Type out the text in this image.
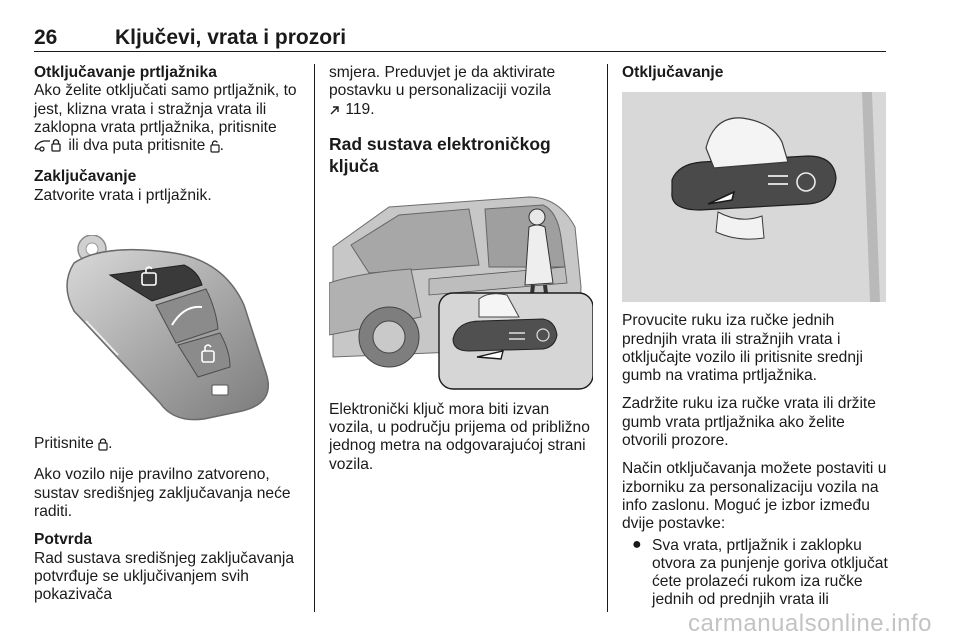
26	Ključevi, vrata i prozori

Otključavanje prtljažnika

Ako želite otključati samo prtljažnik, to jest, klizna vrata i stražnja vrata ili zaklopna vrata prtljažnika, pritisnite  ili dva puta pritisnite .

Zaključavanje

Zatvorite vrata i prtljažnik.

Pritisnite .

Ako vozilo nije pravilno zatvoreno, sustav središnjeg zaključavanja neće raditi.

Potvrda

Rad sustava središnjeg zaključavanja potvrđuje se uključivanjem svih pokazivača

smjera. Preduvjet je da aktivirate postavku u personalizaciji vozila

119.

Rad sustava elektroničkog ključa

Elektronički ključ mora biti izvan vozila, u području prijema od približno jednog metra na odgovarajućoj strani vozila.

Otključavanje

Provucite ruku iza ručke jednih prednjih vrata ili stražnjih vrata i otključajte vozilo ili pritisnite srednji gumb na vratima prtljažnika.

Zadržite ruku iza ručke vrata ili držite gumb vrata prtljažnika ako želite otvorili prozore.

Način otključavanja možete postaviti u izborniku za personalizaciju vozila na info zaslonu. Moguć je izbor između dvije postavke:

● Sva vrata, prtljažnik i zaklopku otvora za punjenje goriva otključat ćete prolazeći rukom iza ručke jednih od prednjih vrata ili
carmanualsonline.info
